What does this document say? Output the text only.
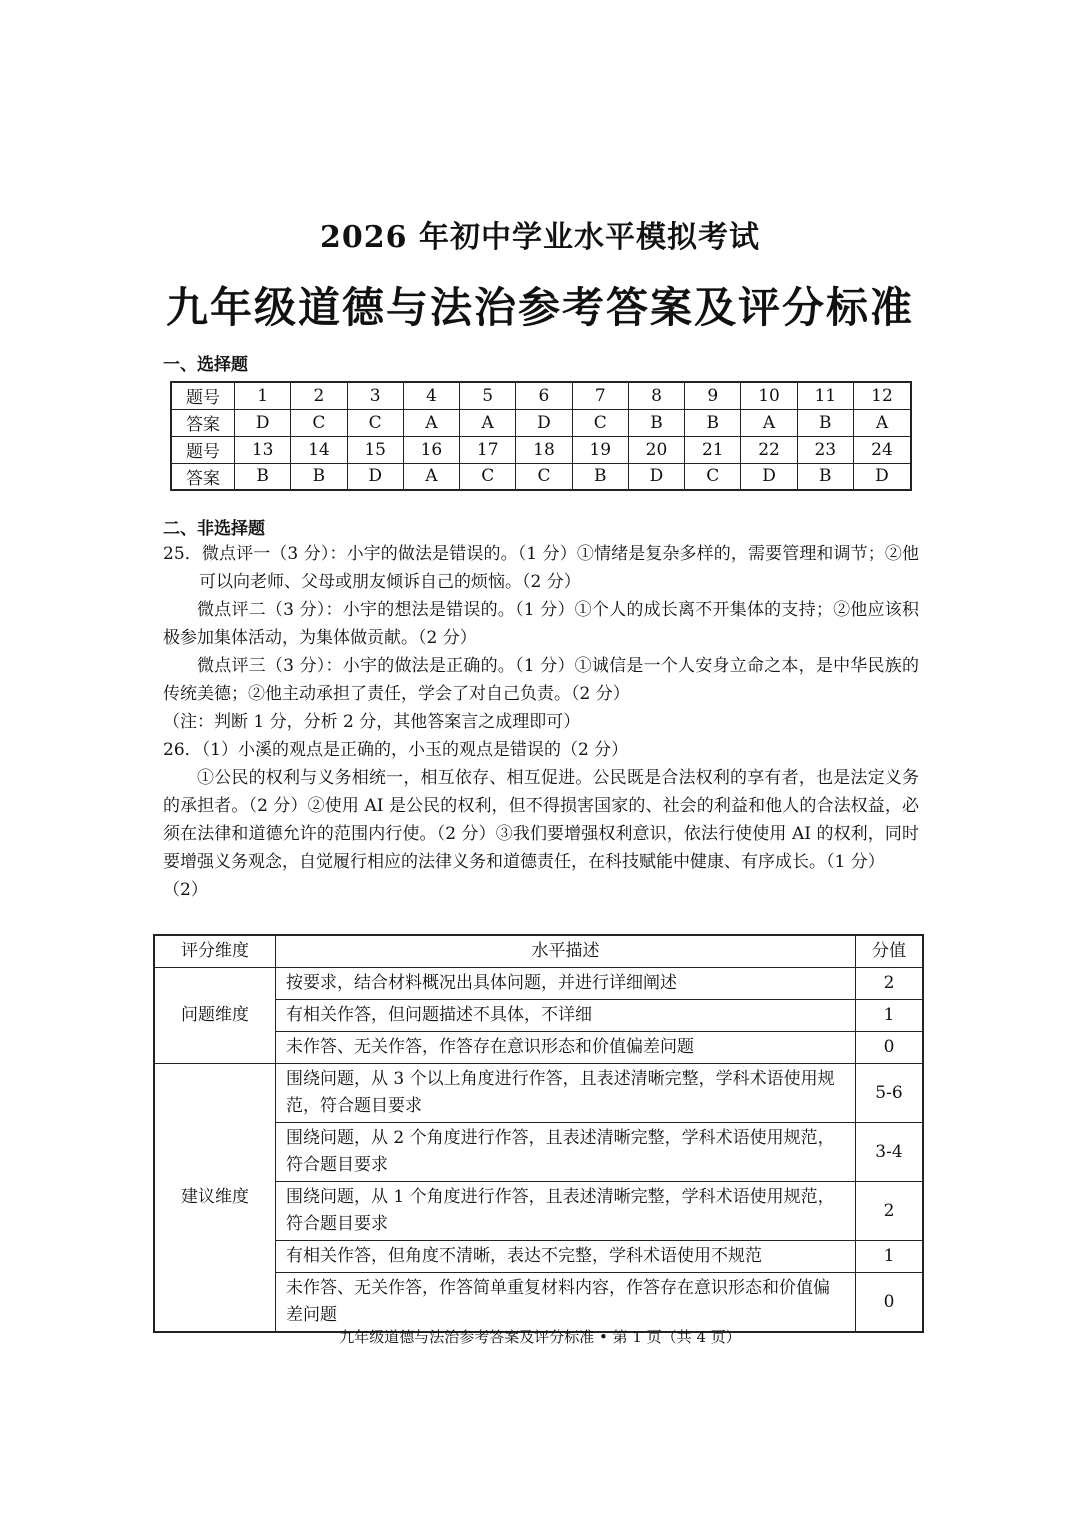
2026 年初中学业水平模拟考试
九年级道德与法治参考答案及评分标准
一、选择题
题号	1	2	3	4	5	6	7	8	9	10	11	12
答案	D	C	C	A	A	D	C	B	B	A	B	A
题号	13	14	15	16	17	18	19	20	21	22	23	24
答案	B	B	D	A	C	C	B	D	C	D	B	D
二、非选择题

25．微点评一（3 分）：小宇的做法是错误的。（1 分）①情绪是复杂多样的，需要管理和调节；②他可以向老师、父母或朋友倾诉自己的烦恼。（2 分）

微点评二（3 分）：小宇的想法是错误的。（1 分）①个人的成长离不开集体的支持；②他应该积极参加集体活动，为集体做贡献。（2 分）

微点评三（3 分）：小宇的做法是正确的。（1 分）①诚信是一个人安身立命之本，是中华民族的传统美德；②他主动承担了责任，学会了对自己负责。（2 分）

（注：判断 1 分，分析 2 分，其他答案言之成理即可）

26．（1）小溪的观点是正确的，小玉的观点是错误的（2 分）

①公民的权利与义务相统一，相互依存、相互促进。公民既是合法权利的享有者，也是法定义务的承担者。（2 分）②使用 AI 是公民的权利，但不得损害国家的、社会的利益和他人的合法权益，必须在法律和道德允许的范围内行使。（2 分）③我们要增强权利意识，依法行使使用 AI 的权利，同时要增强义务观念，自觉履行相应的法律义务和道德责任，在科技赋能中健康、有序成长。（1 分）

（2）

评分维度	水平描述	分值
问题维度	按要求，结合材料概况出具体问题，并进行详细阐述	2
	有相关作答，但问题描述不具体，不详细	1
	未作答、无关作答，作答存在意识形态和价值偏差问题	0
建议维度	围绕问题，从 3 个以上角度进行作答，且表述清晰完整，学科术语使用规范，符合题目要求	5-6
	围绕问题，从 2 个角度进行作答，且表述清晰完整，学科术语使用规范，符合题目要求	3-4
	围绕问题，从 1 个角度进行作答，且表述清晰完整，学科术语使用规范，符合题目要求	2
	有相关作答，但角度不清晰，表达不完整，学科术语使用不规范	1
	未作答、无关作答，作答简单重复材料内容，作答存在意识形态和价值偏差问题	0
九年级道德与法治参考答案及评分标准 • 第 1 页（共 4 页）
